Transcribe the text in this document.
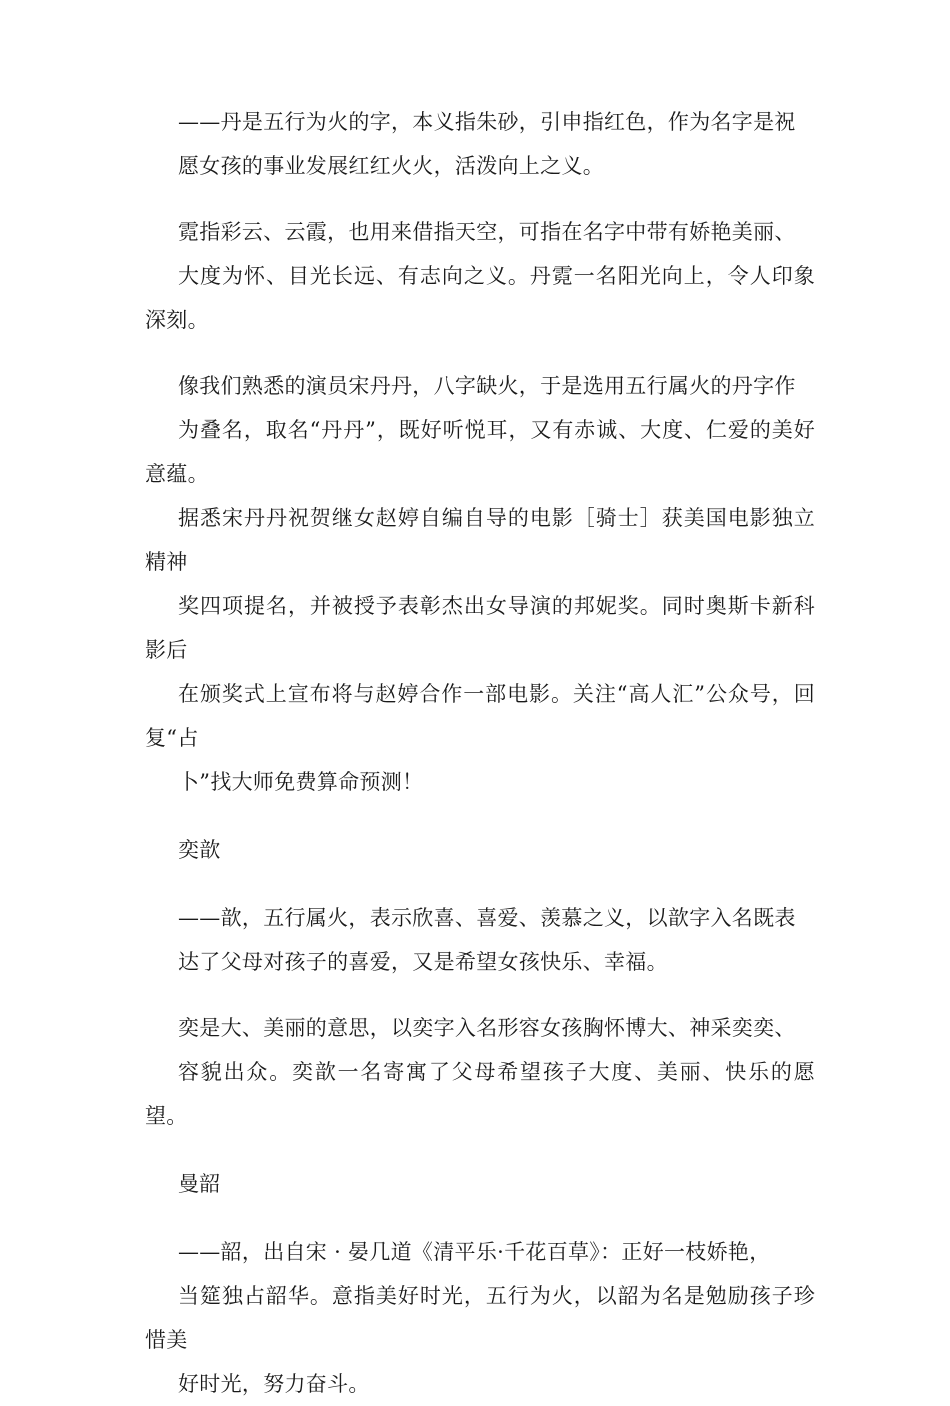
——丹是五行为火的字，本义指朱砂，引申指红色，作为名字是祝
愿女孩的事业发展红红火火，活泼向上之义。

霓指彩云、云霞，也用来借指天空，可指在名字中带有娇艳美丽、
大度为怀、目光长远、有志向之义。丹霓一名阳光向上，令人印象深刻。

像我们熟悉的演员宋丹丹，八字缺火，于是选用五行属火的丹字作
为叠名，取名“丹丹”，既好听悦耳，又有赤诚、大度、仁爱的美好意蕴。
据悉宋丹丹祝贺继女赵婷自编自导的电影［骑士］获美国电影独立精神
奖四项提名，并被授予表彰杰出女导演的邦妮奖。同时奥斯卡新科影后
在颁奖式上宣布将与赵婷合作一部电影。关注“高人汇”公众号，回复“占
卜”找大师免费算命预测！

奕歆

——歆，五行属火，表示欣喜、喜爱、羡慕之义，以歆字入名既表
达了父母对孩子的喜爱，又是希望女孩快乐、幸福。

奕是大、美丽的意思，以奕字入名形容女孩胸怀博大、神采奕奕、
容貌出众。奕歆一名寄寓了父母希望孩子大度、美丽、快乐的愿望。

曼韶

——韶，出自宋 · 晏几道《清平乐·千花百草》：正好一枝娇艳，
当筵独占韶华。意指美好时光，五行为火，以韶为名是勉励孩子珍惜美
好时光，努力奋斗。
